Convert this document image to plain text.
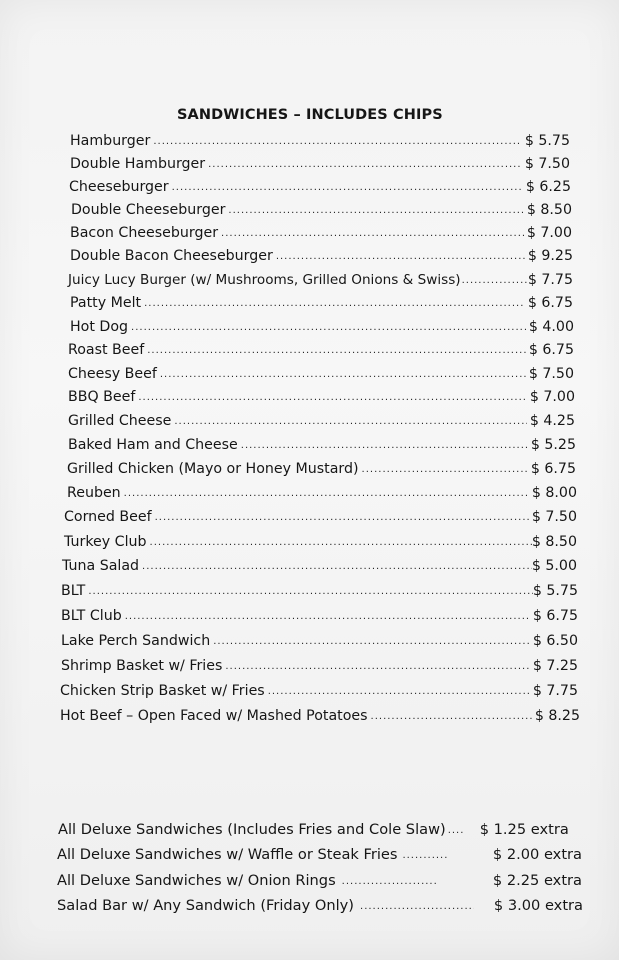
SANDWICHES – INCLUDES CHIPS
Hamburger .....	$ 5.75
Double Hamburger .....	$ 7.50
Cheeseburger .....	$ 6.25
Double Cheeseburger .....	$ 8.50
Bacon Cheeseburger .....	$ 7.00
Double Bacon Cheeseburger .....	$ 9.25
Juicy Lucy Burger (w/ Mushrooms, Grilled Onions & Swiss) .....	$ 7.75
Patty Melt .....	$ 6.75
Hot Dog .....	$ 4.00
Roast Beef .....	$ 6.75
Cheesy Beef .....	$ 7.50
BBQ Beef .....	$ 7.00
Grilled Cheese .....	$ 4.25
Baked Ham and Cheese .....	$ 5.25
Grilled Chicken (Mayo or Honey Mustard) .....	$ 6.75
Reuben .....	$ 8.00
Corned Beef .....	$ 7.50
Turkey Club .....	$ 8.50
Tuna Salad .....	$ 5.00
BLT .....	$ 5.75
BLT Club .....	$ 6.75
Lake Perch Sandwich .....	$ 6.50
Shrimp Basket w/ Fries .....	$ 7.25
Chicken Strip Basket w/ Fries .....	$ 7.75
Hot Beef – Open Faced w/ Mashed Potatoes .....	$ 8.25
All Deluxe Sandwiches (Includes Fries and Cole Slaw) ..... $ 1.25 extra
All Deluxe Sandwiches w/ Waffle or Steak Fries .....	$ 2.00 extra
All Deluxe Sandwiches w/ Onion Rings .....	$ 2.25 extra
Salad Bar w/ Any Sandwich (Friday Only) .....	$ 3.00 extra
